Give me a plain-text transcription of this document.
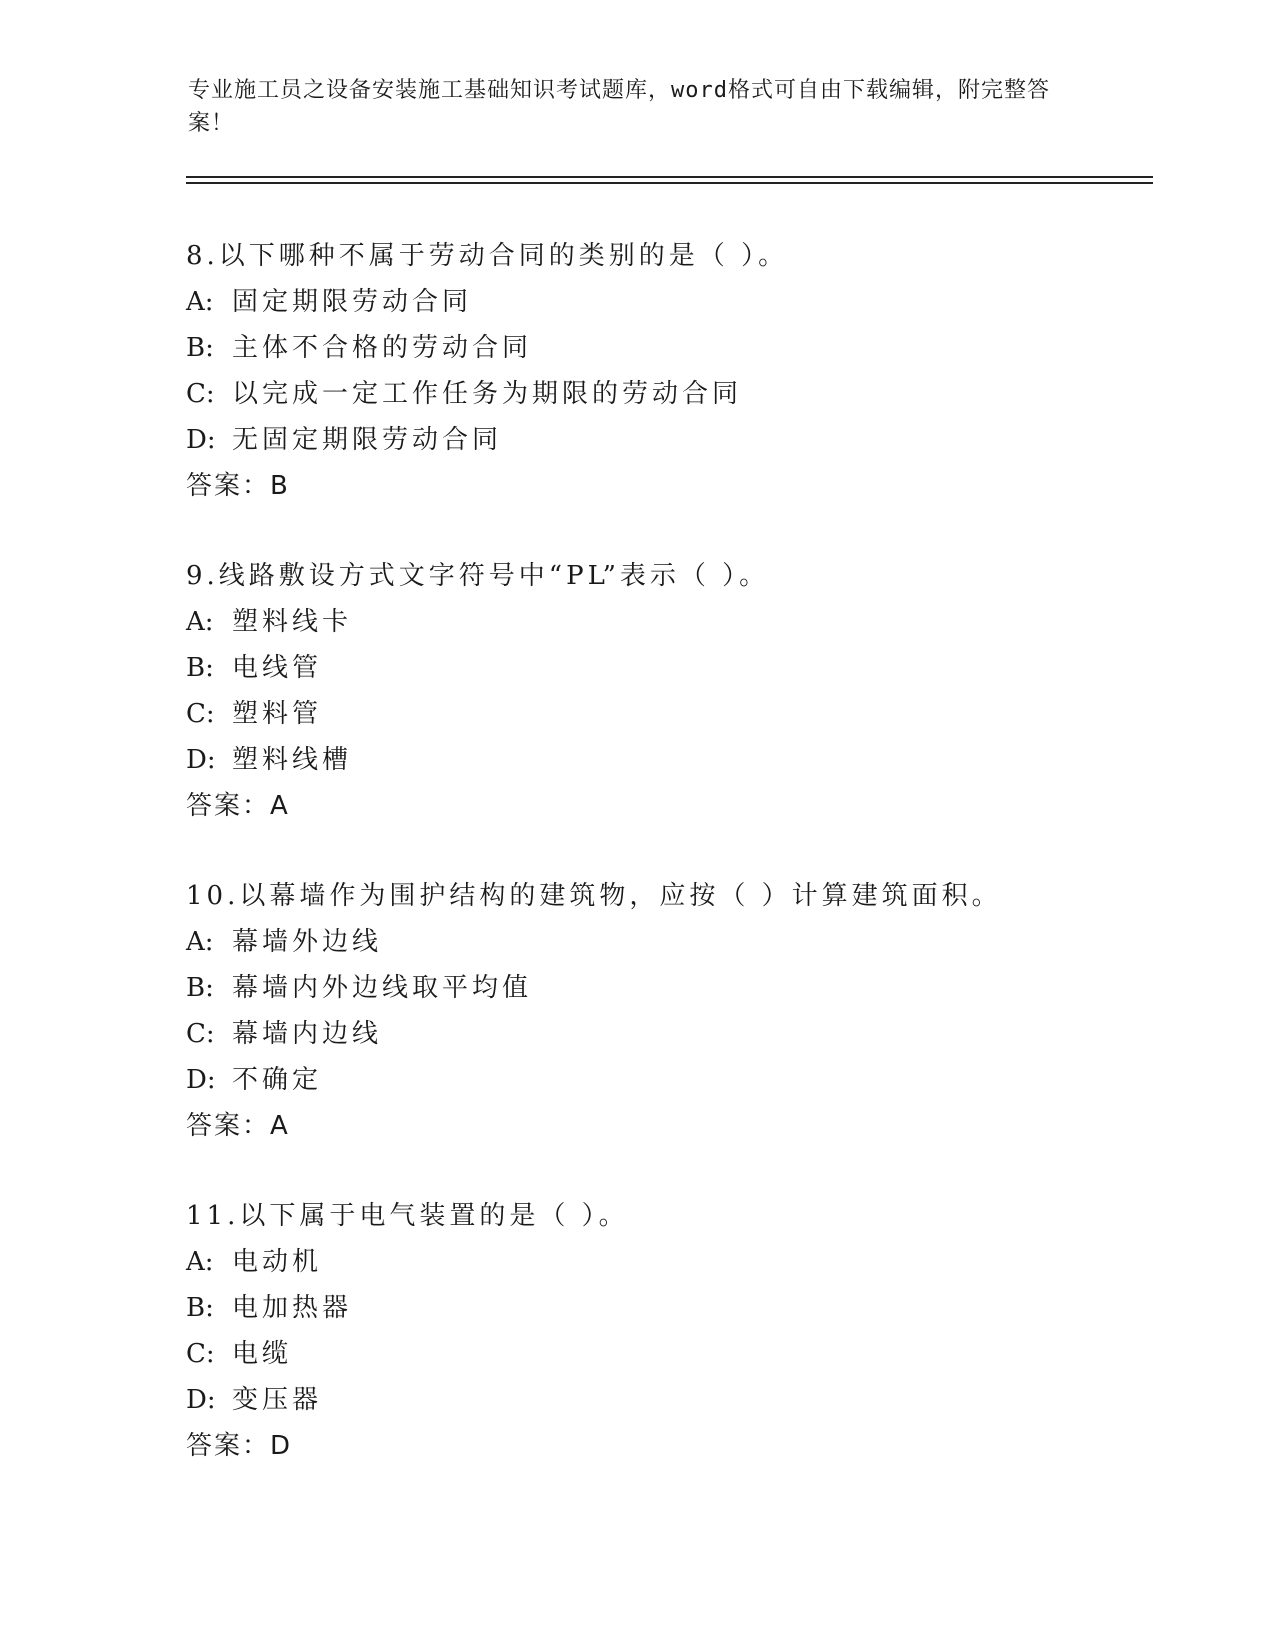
专业施工员之设备安装施工基础知识考试题库，word格式可自由下载编辑，附完整答案！
8.以下哪种不属于劳动合同的类别的是（ ）。
A: 固定期限劳动合同
B: 主体不合格的劳动合同
C: 以完成一定工作任务为期限的劳动合同
D: 无固定期限劳动合同
答案：B
9.线路敷设方式文字符号中“PL”表示（ ）。
A: 塑料线卡
B: 电线管
C: 塑料管
D: 塑料线槽
答案：A
10.以幕墙作为围护结构的建筑物，应按（ ）计算建筑面积。
A: 幕墙外边线
B: 幕墙内外边线取平均值
C: 幕墙内边线
D: 不确定
答案：A
11.以下属于电气装置的是（ ）。
A: 电动机
B: 电加热器
C: 电缆
D: 变压器
答案：D
